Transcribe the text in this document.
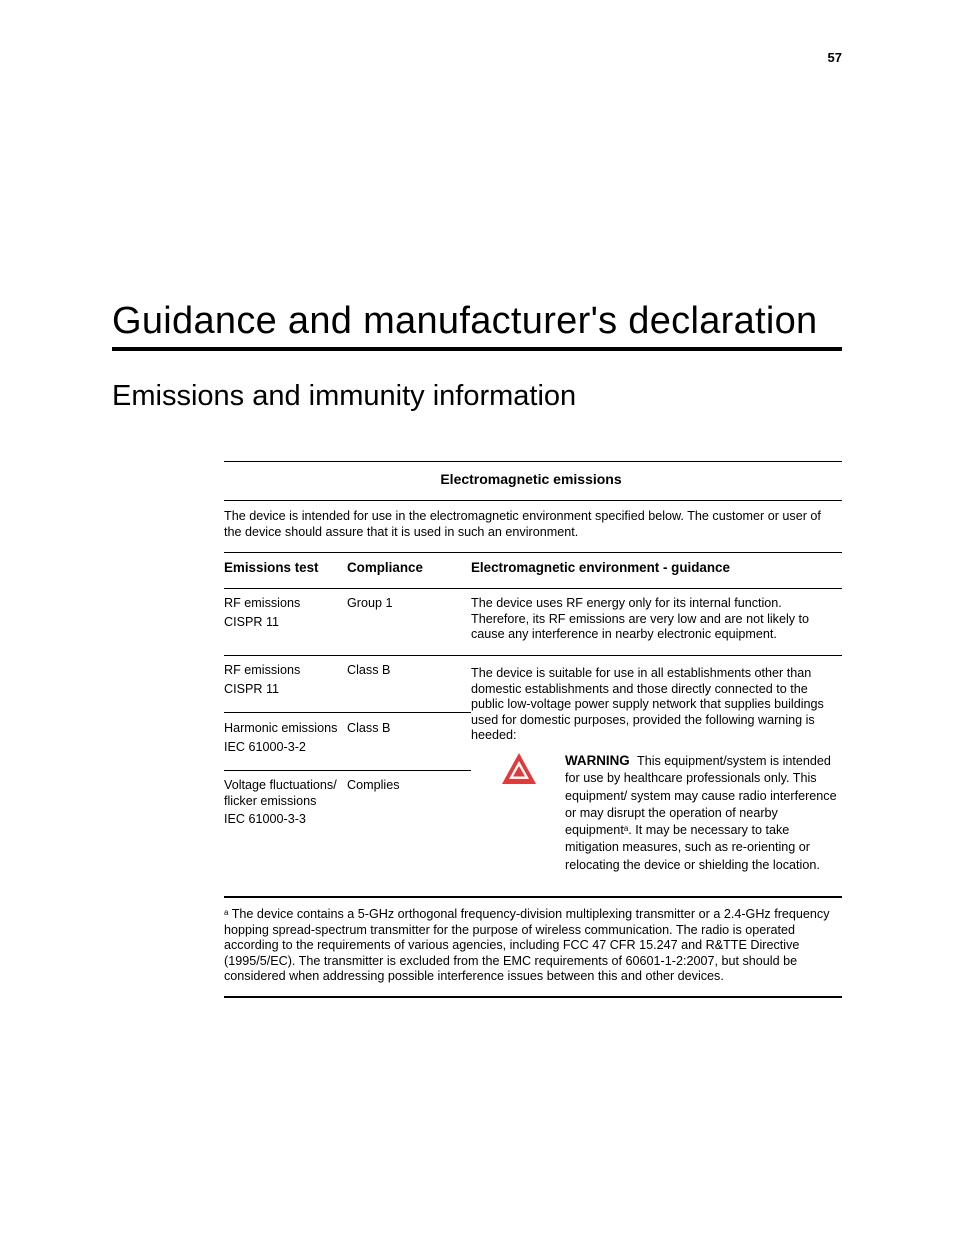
57
Guidance and manufacturer's declaration
Emissions and immunity information
Electromagnetic emissions
The device is intended for use in the electromagnetic environment specified below. The customer or user of the device should assure that it is used in such an environment.
Emissions test Compliance	Electromagnetic environment - guidance
RF emissions
CISPR 11
Group 1	The device uses RF energy only for its internal function. Therefore, its RF emissions are very low and are not likely to cause any interference in nearby electronic equipment.
RF emissions
CISPR 11
Class B
Harmonic emissions
IEC 61000-3-2
Class B
Voltage fluctuations/
flicker emissions
IEC 61000-3-3
Complies
The device is suitable for use in all establishments other than domestic establishments and those directly connected to the public low-voltage power supply network that supplies buildings used for domestic purposes, provided the following warning is heeded:
WARNING This equipment/system is intended for use by healthcare professionals only. This equipment/ system may cause radio interference or may disrupt the operation of nearby equipment$^a$. It may be necessary to take mitigation measures, such as re-orienting or relocating the device or shielding the location.
$^a$ The device contains a 5-GHz orthogonal frequency-division multiplexing transmitter or a 2.4-GHz frequency hopping spread-spectrum transmitter for the purpose of wireless communication. The radio is operated according to the requirements of various agencies, including FCC 47 CFR 15.247 and R&TTE Directive (1995/5/EC). The transmitter is excluded from the EMC requirements of 60601-1-2:2007, but should be considered when addressing possible interference issues between this and other devices.
